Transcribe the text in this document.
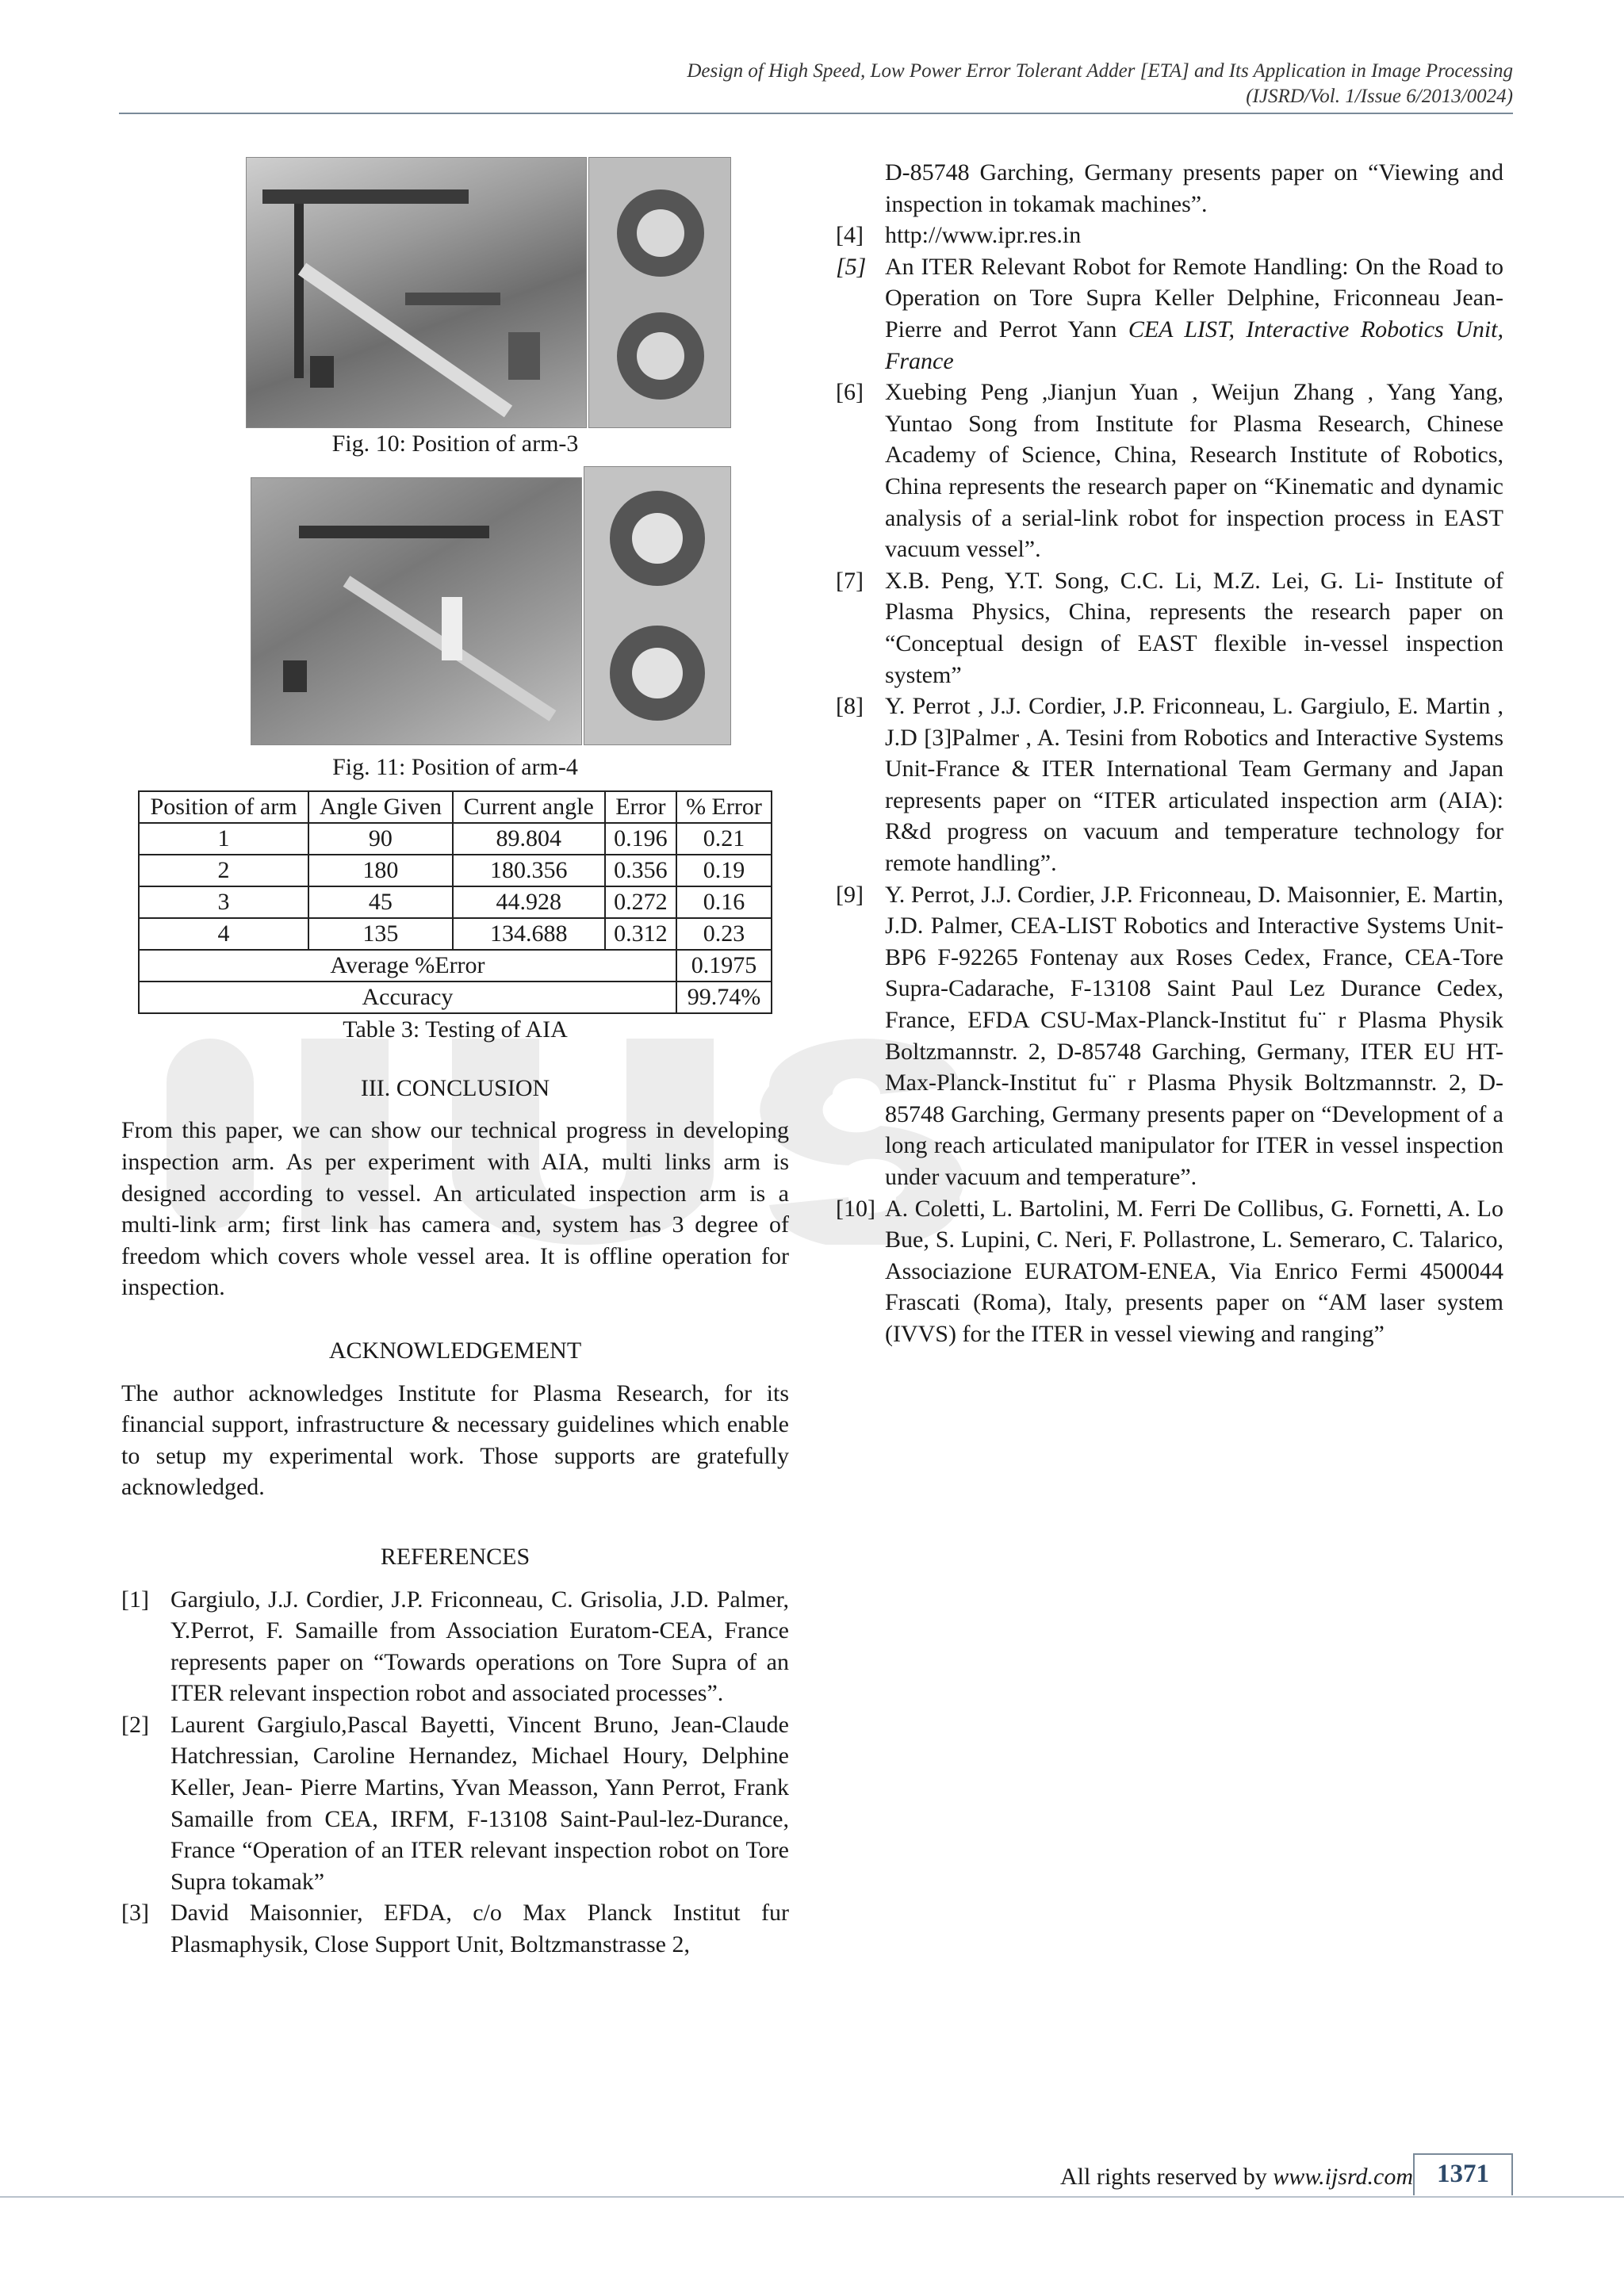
Design of High Speed, Low Power Error Tolerant Adder [ETA] and Its Application in Image Processing
(IJSRD/Vol. 1/Issue 6/2013/0024)
Fig. 10: Position of arm-3
Fig. 11: Position of arm-4
Position of arm	Angle Given	Current angle	Error	% Error
1	90	89.804	0.196	0.21
2	180	180.356	0.356	0.19
3	45	44.928	0.272	0.16
4	135	134.688	0.312	0.23
Average %Error				0.1975
Accuracy				99.74%
Table 3: Testing of AIA
III. CONCLUSION

From this paper, we can show our technical progress in developing inspection arm. As per experiment with AIA, multi links arm is designed according to vessel. An articulated inspection arm is a multi-link arm; first link has camera and, system has 3 degree of freedom which covers whole vessel area. It is offline operation for inspection.

ACKNOWLEDGEMENT

The author acknowledges Institute for Plasma Research, for its financial support, infrastructure & necessary guidelines which enable to setup my experimental work. Those supports are gratefully acknowledged.

REFERENCES
[1] Gargiulo, J.J. Cordier, J.P. Friconneau, C. Grisolia, J.D. Palmer, Y.Perrot, F. Samaille from Association Euratom-CEA, France represents paper on “Towards operations on Tore Supra of an ITER relevant inspection robot and associated processes”.
[2] Laurent Gargiulo,Pascal Bayetti, Vincent Bruno, Jean-Claude Hatchressian, Caroline Hernandez, Michael Houry, Delphine Keller, Jean- Pierre Martins, Yvan Measson, Yann Perrot, Frank Samaille from CEA, IRFM, F-13108 Saint-Paul-lez-Durance, France “Operation of an ITER relevant inspection robot on Tore Supra tokamak”
[3] David Maisonnier, EFDA, c/o Max Planck Institut fur Plasmaphysik, Close Support Unit, Boltzmanstrasse 2,
D-85748 Garching, Germany presents paper on “Viewing and inspection in tokamak machines”.
[4] http://www.ipr.res.in
[5] An ITER Relevant Robot for Remote Handling: On the Road to Operation on Tore Supra Keller Delphine, Friconneau Jean-Pierre and Perrot Yann CEA LIST, Interactive Robotics Unit, France
[6] Xuebing Peng ,Jianjun Yuan , Weijun Zhang , Yang Yang, Yuntao Song from Institute for Plasma Research, Chinese Academy of Science, China, Research Institute of Robotics, China represents the research paper on “Kinematic and dynamic analysis of a serial-link robot for inspection process in EAST vacuum vessel”.
[7] X.B. Peng, Y.T. Song, C.C. Li, M.Z. Lei, G. Li- Institute of Plasma Physics, China, represents the research paper on “Conceptual design of EAST flexible in-vessel inspection system”
[8] Y. Perrot , J.J. Cordier, J.P. Friconneau, L. Gargiulo, E. Martin , J.D [3]Palmer , A. Tesini from Robotics and Interactive Systems Unit-France & ITER International Team Germany and Japan represents paper on “ITER articulated inspection arm (AIA): R&d progress on vacuum and temperature technology for remote handling”.
[9] Y. Perrot, J.J. Cordier, J.P. Friconneau, D. Maisonnier, E. Martin, J.D. Palmer, CEA-LIST Robotics and Interactive Systems Unit-BP6 F-92265 Fontenay aux Roses Cedex, France, CEA-Tore Supra-Cadarache, F-13108 Saint Paul Lez Durance Cedex, France, EFDA CSU-Max-Planck-Institut fu¨ r Plasma Physik Boltzmannstr. 2, D-85748 Garching, Germany, ITER EU HT-Max-Planck-Institut fu¨ r Plasma Physik Boltzmannstr. 2, D-85748 Garching, Germany presents paper on “Development of a long reach articulated manipulator for ITER in vessel inspection under vacuum and temperature”.
[10] A. Coletti, L. Bartolini, M. Ferri De Collibus, G. Fornetti, A. Lo Bue, S. Lupini, C. Neri, F. Pollastrone, L. Semeraro, C. Talarico, Associazione EURATOM-ENEA, Via Enrico Fermi 4500044 Frascati (Roma), Italy, presents paper on “AM laser system (IVVS) for the ITER in vessel viewing and ranging”
All rights reserved by www.ijsrd.com 1371
